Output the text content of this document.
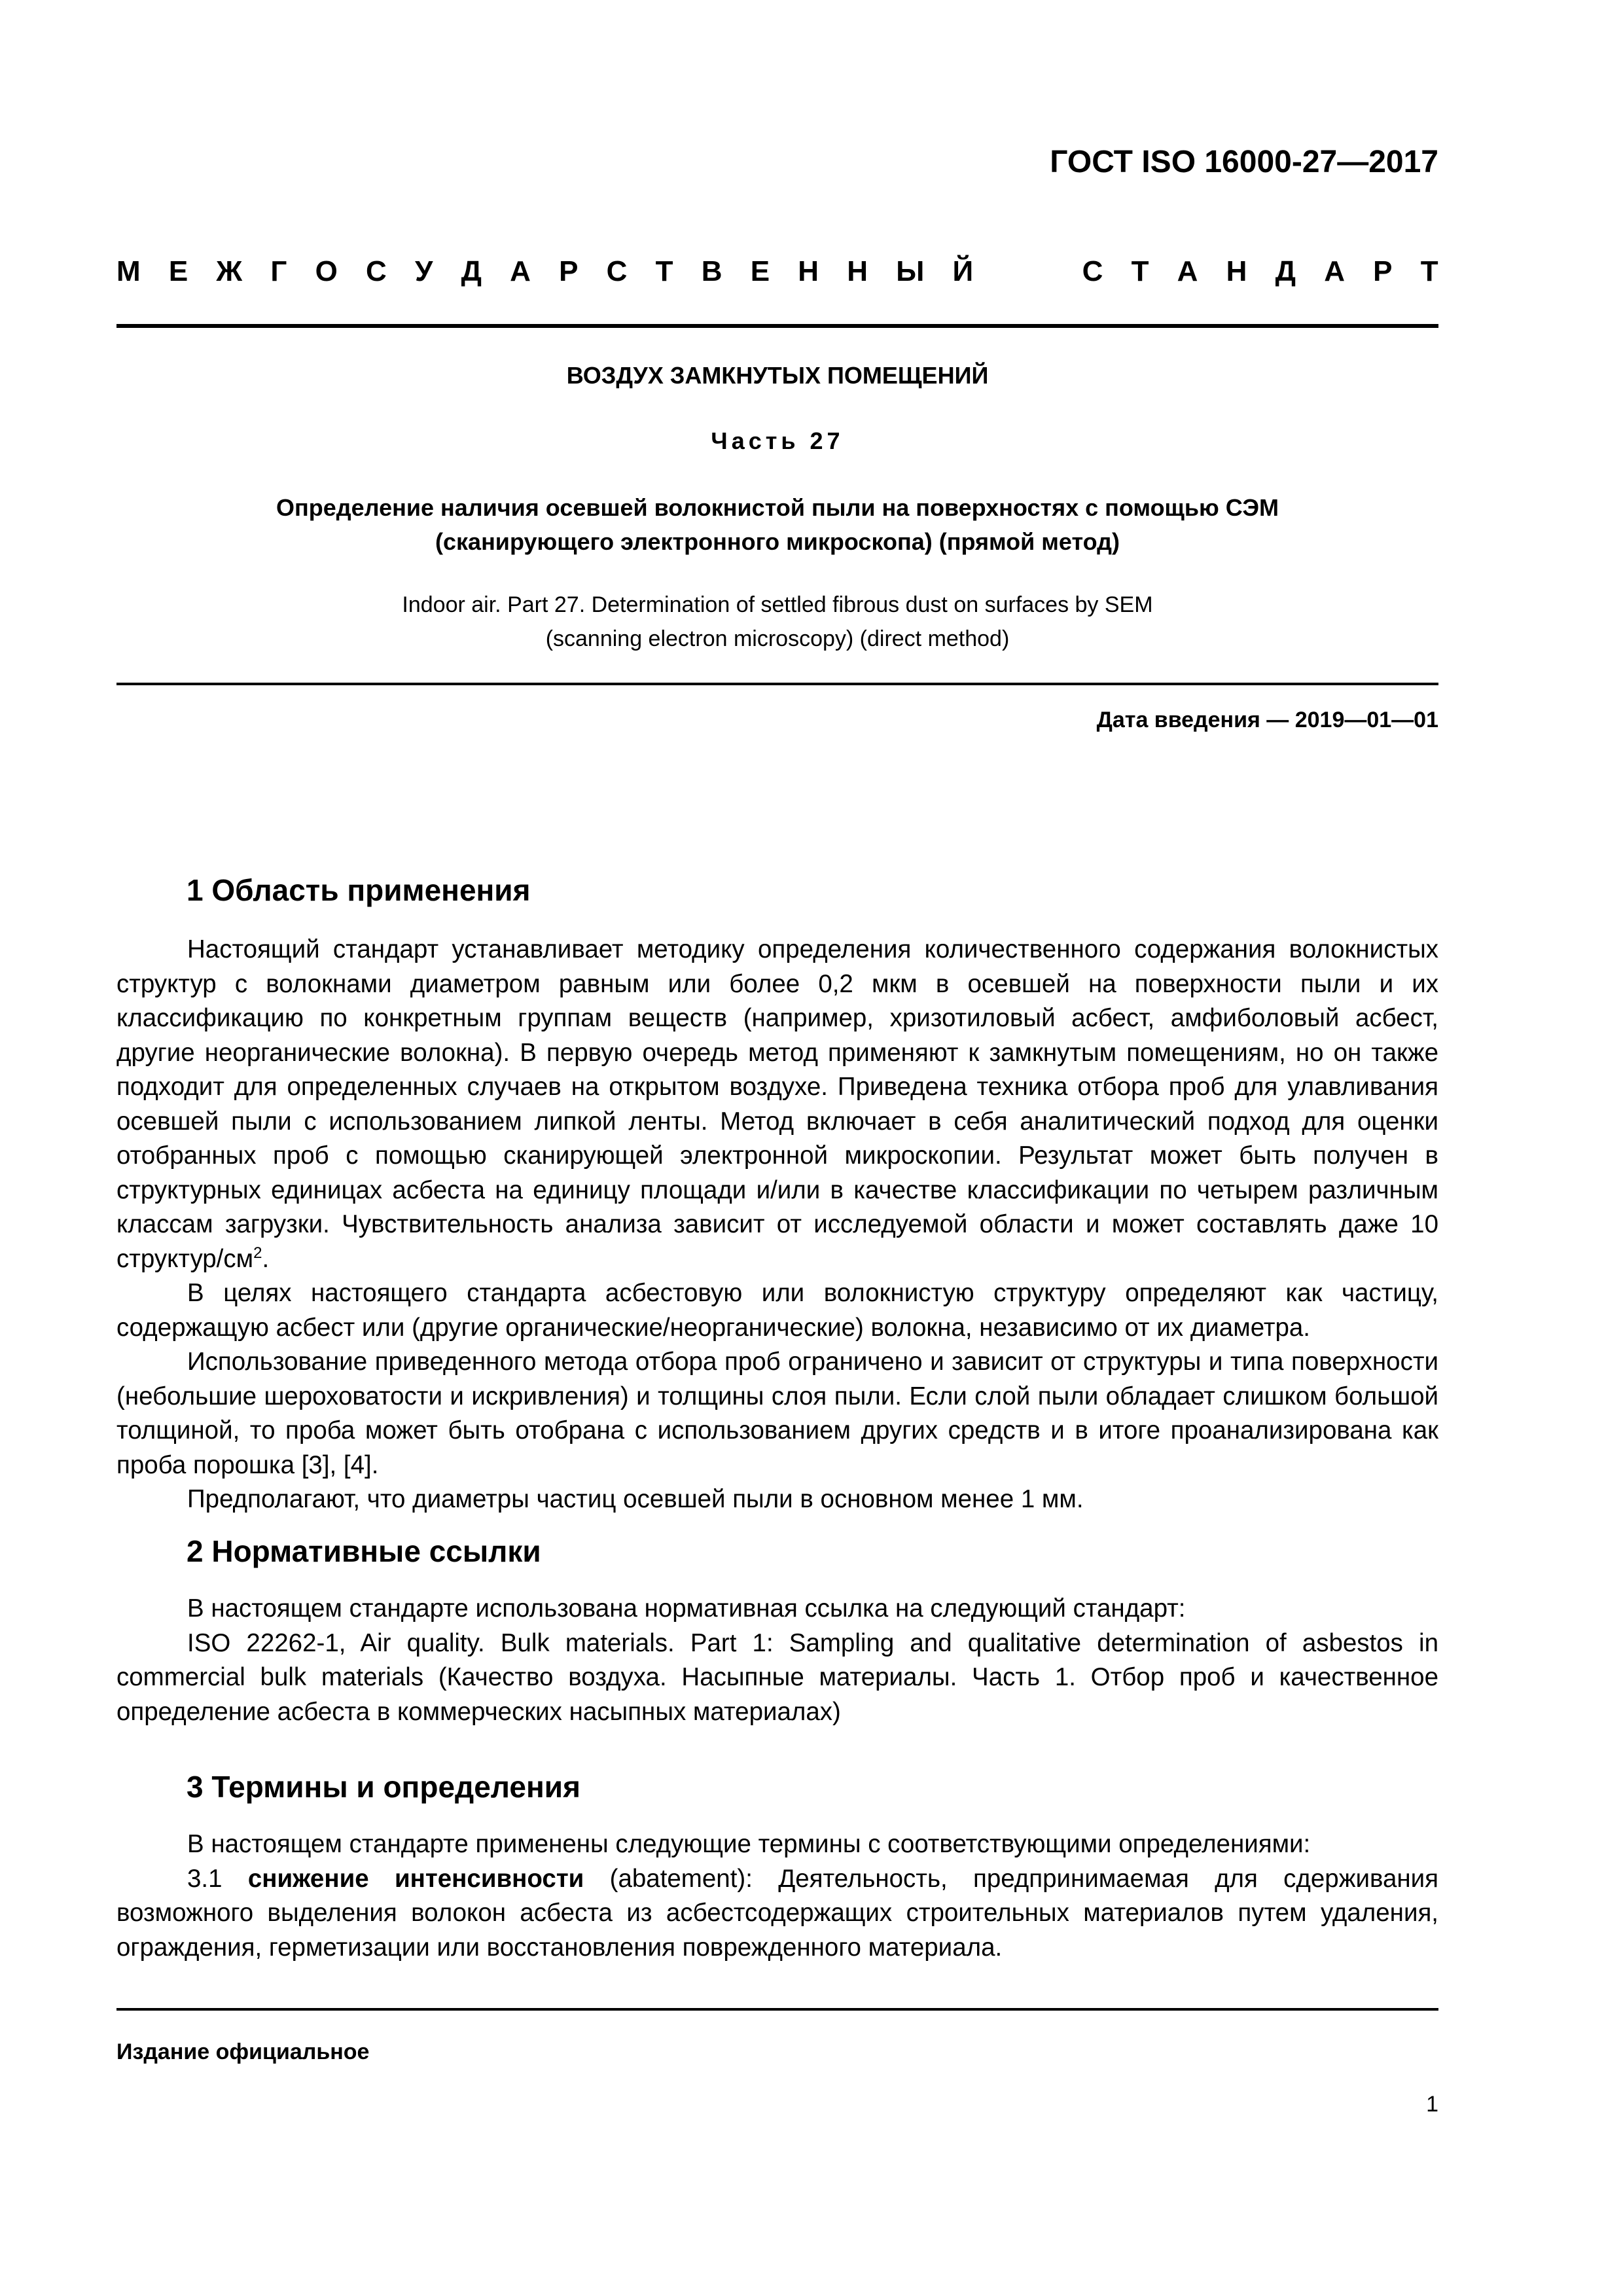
ГОСТ ISO 16000-27—2017
М Е Ж Г О С У Д А Р С Т В Е Н Н Ы Й	С Т А Н Д А Р Т
ВОЗДУХ ЗАМКНУТЫХ ПОМЕЩЕНИЙ
Часть 27
Определение наличия осевшей волокнистой пыли на поверхностях с помощью СЭМ
(сканирующего электронного микроскопа) (прямой метод)
Indoor air. Part 27. Determination of settled fibrous dust on surfaces by SEM
(scanning electron microscopy) (direct method)
Дата введения — 2019—01—01
1 Область применения

Настоящий стандарт устанавливает методику определения количественного содержания волокнистых структур с волокнами диаметром равным или более 0,2 мкм в осевшей на поверхности пыли и их классификацию по конкретным группам веществ (например, хризотиловый асбест, амфиболовый асбест, другие неорганические волокна). В первую очередь метод применяют к замкнутым помещениям, но он также подходит для определенных случаев на открытом воздухе. Приведена техника отбора проб для улавливания осевшей пыли с использованием липкой ленты. Метод включает в себя аналитический подход для оценки отобранных проб с помощью сканирующей электронной микроскопии. Результат может быть получен в структурных единицах асбеста на единицу площади и/или в качестве классификации по четырем различным классам загрузки. Чувствительность анализа зависит от исследуемой области и может составлять даже 10 структур/$см^2$.

В целях настоящего стандарта асбестовую или волокнистую структуру определяют как частицу, содержащую асбест или (другие органические/неорганические) волокна, независимо от их диаметра.

Использование приведенного метода отбора проб ограничено и зависит от структуры и типа поверхности (небольшие шероховатости и искривления) и толщины слоя пыли. Если слой пыли обладает слишком большой толщиной, то проба может быть отобрана с использованием других средств и в итоге проанализирована как проба порошка [3], [4].

Предполагают, что диаметры частиц осевшей пыли в основном менее 1 мм.

2 Нормативные ссылки

В настоящем стандарте использована нормативная ссылка на следующий стандарт:

ISO 22262-1, Air quality. Bulk materials. Part 1: Sampling and qualitative determination of asbestos in commercial bulk materials (Качество воздуха. Насыпные материалы. Часть 1. Отбор проб и качественное определение асбеста в коммерческих насыпных материалах)

3 Термины и определения

В настоящем стандарте применены следующие термины с соответствующими определениями:

3.1 снижение интенсивности (abatement): Деятельность, предпринимаемая для сдерживания возможного выделения волокон асбеста из асбестсодержащих строительных материалов путем удаления, ограждения, герметизации или восстановления поврежденного материала.

Издание официальное
1
